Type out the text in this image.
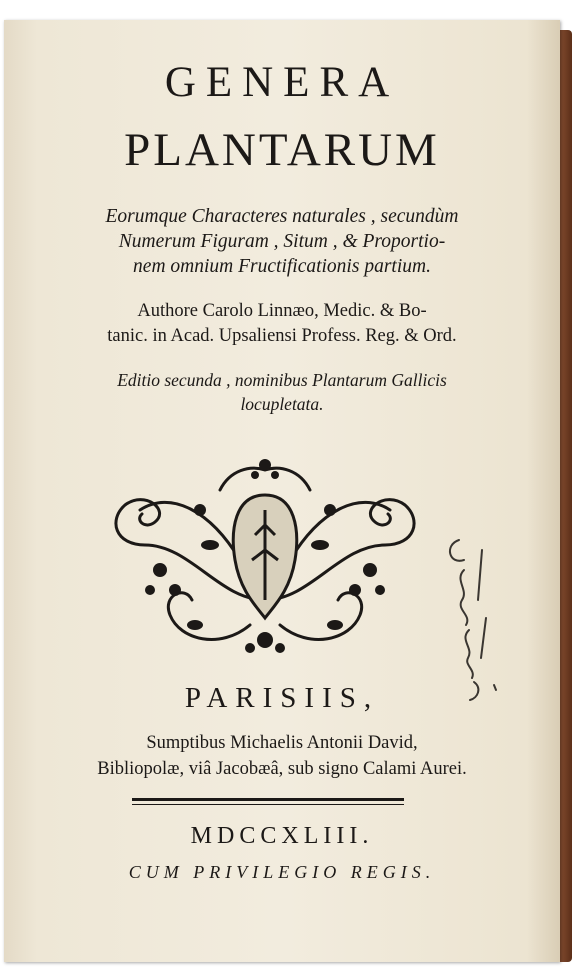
GENERA
PLANTARUM
Eorumque Characteres naturales , secundùm
Numerum Figuram , Situm , & Proportio-
nem omnium Fructificationis partium.
Authore Carolo Linnæo, Medic. & Bo-
tanic. in Acad. Upsaliensi Profess. Reg. & Ord.
Editio secunda , nominibus Plantarum Gallicis
locupletata.
PARISIIS,
Sumptibus Michaelis Antonii David,
Bibliopolæ, viâ Jacobæâ, sub signo Calami Aurei.
MDCCXLIII.
CUM PRIVILEGIO REGIS.
